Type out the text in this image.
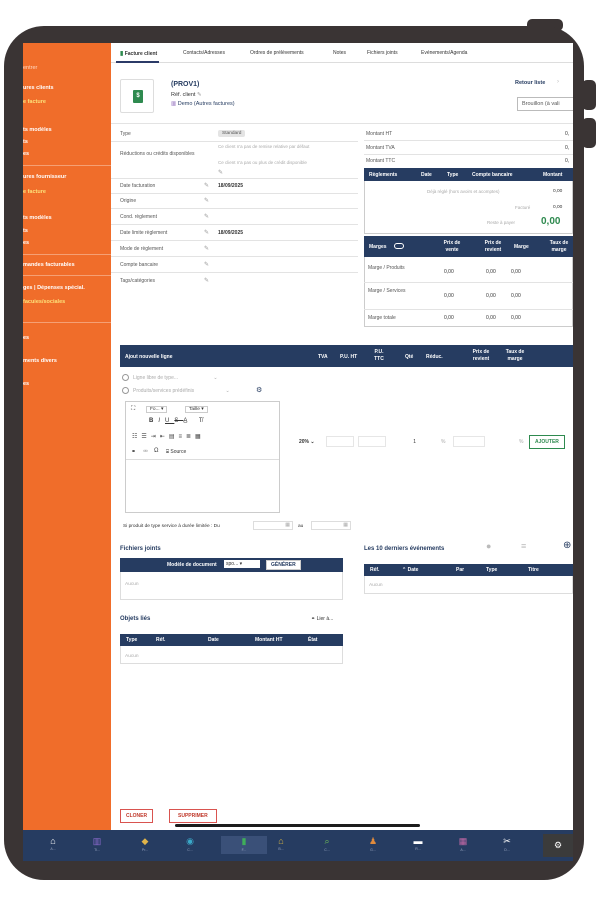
entrer
ures clients
e facture
ts modèles
ts
es
ures fournisseur
e facture
ts modèles
ts
es
mandes facturables
ges | Dépenses spécial.
facuies/sociales
es
ments divers
es
▮ Facture client	Contacts/Adresses	Ordres de prélèvements	Notes	Fichiers joints	Evénements/Agenda
$
(PROV1)
Réf. client ✎
▥ Demo (Autres factures)
Retour liste ›
Brouillon (à vali
Type	Standard
Réductions ou crédits disponibles
Ce client n'a pas de remise relative par défaut
Ce client n'a pas ou plus de crédit disponible
✎
Date facturation	✎ 18/09/2025
Origine	✎
Cond. règlement	✎
Date limite règlement	✎ 18/09/2025
Mode de règlement	✎
Compte bancaire	✎
Tags/catégories	✎
Montant HT	0,
Montant TVA	0,
Montant TTC	0,
Règlements	Date	Type	Compte bancaire	Montant
Déjà réglé (hors avoirs et acomptes)	0,00
Facturé	0,00
Reste à payer	0,00
Marges
Prix de vente
Prix de revient	Marge
Taux de marge
Marge / Produits
0,00	0,00	0,00
Marge / Services
0,00	0,00	0,00
Marge totale	0,00	0,00	0,00
Ajout nouvelle ligne	TVA P.U. HT
P.U. TTC	Qté	Réduc.
Prix de revient
Taux de marge
Ligne libre de type...	⌄
Produits/services prédéfinis	⌄	⚙
⛶	Fo... ▾	Taille ▾
BIUSA̲ T̸
☷☰⇥⇤▤≡≣▦
⚭ ⚮ Ω ⌸ Source
20% ⌄	1	%	%	AJOUTER
Si produit de type service à durée limitée : Du	▦ au	▦
Fichiers joints
Modèle de document	spo... ▾	GÉNÉRER
Aucun
Les 10 derniers événements	●	≡	⊕
Réf.	⌃ Date	Par	Type	Titre
Aucun
Objets liés	⚭ Lier à...
Type	Réf.	Date	Montant HT	État
Aucun
CLONER	SUPPRIMER
⌂
A...
▥
Ti...
◆
Pr...
◉
C...
▮
F...
⌂
B...
⌕
C...
♟
G...
▬
R...
▦
A...
✂
D...	⚙
